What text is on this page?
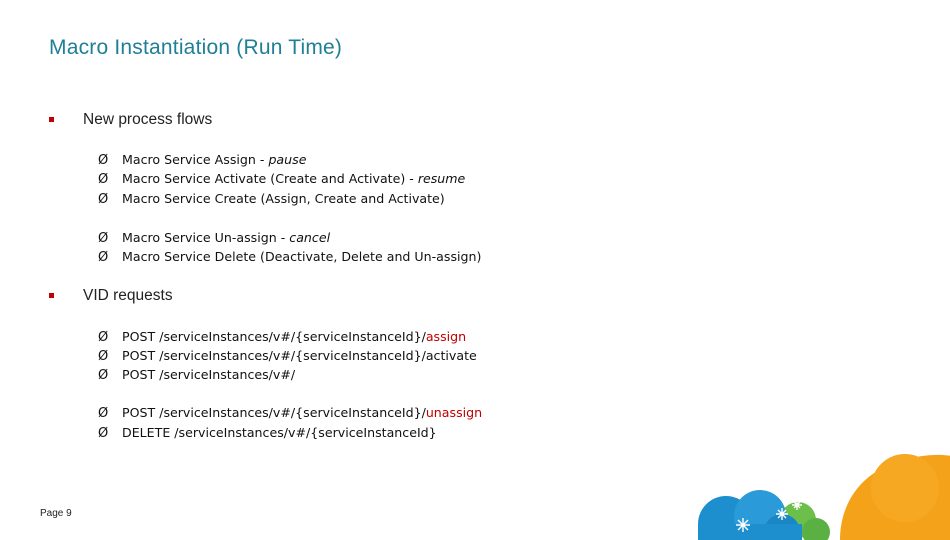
Macro Instantiation (Run Time)
New process flows
Ø Macro Service Assign - pause
Ø Macro Service Activate (Create and Activate) - resume
Ø Macro Service Create (Assign, Create and Activate)
Ø Macro Service Un-assign - cancel
Ø Macro Service Delete (Deactivate, Delete and Un-assign)
VID requests
Ø POST /serviceInstances/v#/{serviceInstanceId}/assign
Ø POST /serviceInstances/v#/{serviceInstanceId}/activate
Ø POST /serviceInstances/v#/
Ø POST /serviceInstances/v#/{serviceInstanceId}/unassign
Ø DELETE /serviceInstances/v#/{serviceInstanceId}
Page 9
